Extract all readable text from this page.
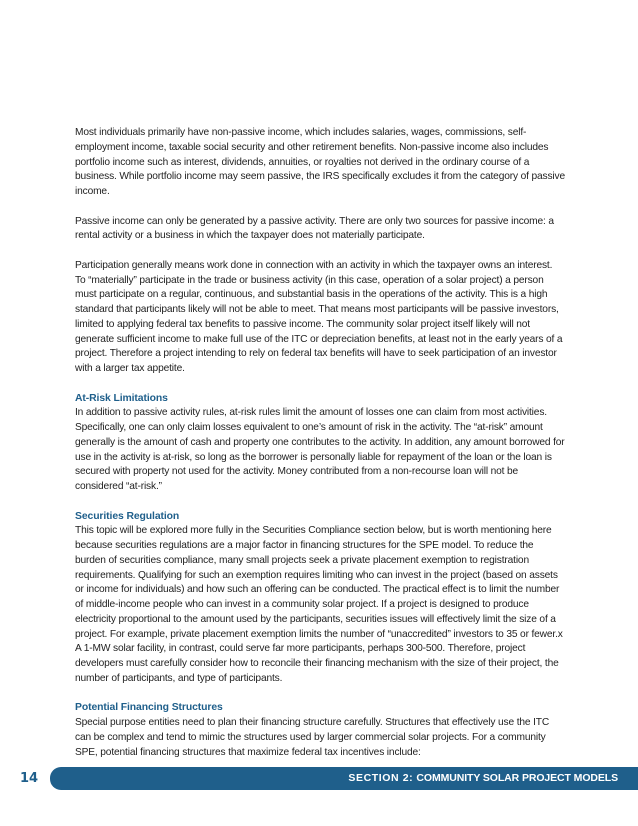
Most individuals primarily have non-passive income, which includes salaries, wages, commissions, self-employment income, taxable social security and other retirement benefits. Non-passive income also includes portfolio income such as interest, dividends, annuities, or royalties not derived in the ordinary course of a business. While portfolio income may seem passive, the IRS specifically excludes it from the category of passive income.

Passive income can only be generated by a passive activity. There are only two sources for passive income: a rental activity or a business in which the taxpayer does not materially participate.

Participation generally means work done in connection with an activity in which the taxpayer owns an interest. To “materially” participate in the trade or business activity (in this case, operation of a solar project) a person must participate on a regular, continuous, and substantial basis in the operations of the activity. This is a high standard that participants likely will not be able to meet. That means most participants will be passive investors, limited to applying federal tax benefits to passive income. The community solar project itself likely will not generate sufficient income to make full use of the ITC or depreciation benefits, at least not in the early years of a project. Therefore a project intending to rely on federal tax benefits will have to seek participation of an investor with a larger tax appetite.

At-Risk Limitations

In addition to passive activity rules, at-risk rules limit the amount of losses one can claim from most activities. Specifically, one can only claim losses equivalent to one’s amount of risk in the activity. The “at-risk” amount generally is the amount of cash and property one contributes to the activity. In addition, any amount borrowed for use in the activity is at-risk, so long as the borrower is personally liable for repayment of the loan or the loan is secured with property not used for the activity. Money contributed from a non-recourse loan will not be considered “at-risk.”

Securities Regulation

This topic will be explored more fully in the Securities Compliance section below, but is worth mentioning here because securities regulations are a major factor in financing structures for the SPE model. To reduce the burden of securities compliance, many small projects seek a private placement exemption to registration requirements. Qualifying for such an exemption requires limiting who can invest in the project (based on assets or income for individuals) and how such an offering can be conducted. The practical effect is to limit the number of middle-income people who can invest in a community solar project. If a project is designed to produce electricity proportional to the amount used by the participants, securities issues will effectively limit the size of a project. For example, private placement exemption limits the number of “unaccredited” investors to 35 or fewer.x A 1-MW solar facility, in contrast, could serve far more participants, perhaps 300-500. Therefore, project developers must carefully consider how to reconcile their financing mechanism with the size of their project, the number of participants, and type of participants.

Potential Financing Structures

Special purpose entities need to plan their financing structure carefully. Structures that effectively use the ITC can be complex and tend to mimic the structures used by larger commercial solar projects. For a community SPE, potential financing structures that maximize federal tax incentives include:

14	SECTION 2: COMMUNITY SOLAR PROJECT MODELS
